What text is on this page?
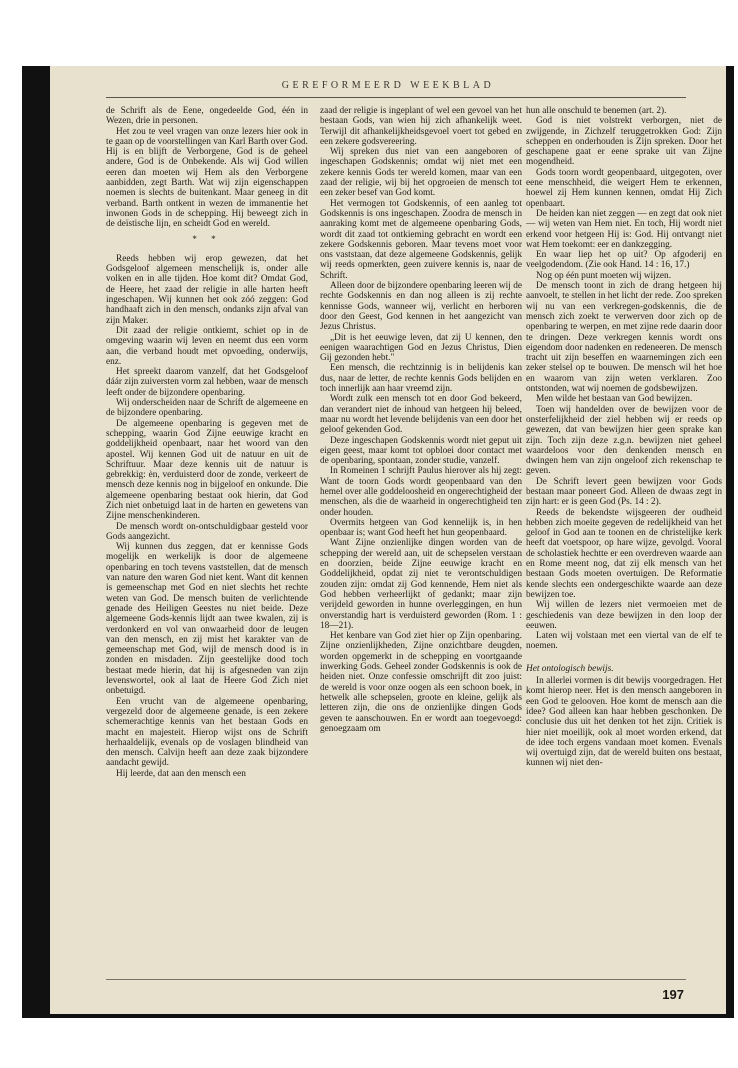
GEREFORMEERD WEEKBLAD

de Schrift als de Eene, ongedeelde God, één in Wezen, drie in personen.

Het zou te veel vragen van onze lezers hier ook in te gaan op de voorstellingen van Karl Barth over God. Hij is en blijft de Verborgene, God is de geheel andere, God is de Onbekende. Als wij God willen eeren dan moeten wij Hem als den Verborgene aanbidden, zegt Barth. Wat wij zijn eigenschappen noemen is slechts de buitenkant. Maar geneeg in dit verband. Barth ontkent in wezen de immanentie het inwonen Gods in de schepping. Hij beweegt zich in de deïstische lijn, en scheidt God en wereld.

* *

Reeds hebben wij erop gewezen, dat het Godsgeloof algemeen menschelijk is, onder alle volken en in alle tijden. Hoe komt dit? Omdat God, de Heere, het zaad der religie in alle harten heeft ingeschapen. Wij kunnen het ook zóó zeggen: God handhaaft zich in den mensch, ondanks zijn afval van zijn Maker.

Dit zaad der religie ontkiemt, schiet op in de omgeving waarin wij leven en neemt dus een vorm aan, die verband houdt met opvoeding, onderwijs, enz.

Het spreekt daarom vanzelf, dat het Godsgeloof dáár zijn zuiversten vorm zal hebben, waar de mensch leeft onder de bijzondere openbaring.

Wij onderscheiden naar de Schrift de algemeene en de bijzondere openbaring.

De algemeene openbaring is gegeven met de schepping, waarin God Zijne eeuwige kracht en goddelijkheid openbaart, naar het woord van den apostel. Wij kennen God uit de natuur en uit de Schriftuur. Maar deze kennis uit de natuur is gebrekkig: èn, verduisterd door de zonde, verkeert de mensch deze kennis nog in bijgeloof en onkunde. Die algemeene openbaring bestaat ook hierin, dat God Zich niet onbetuigd laat in de harten en gewetens van Zijne menschenkinderen.

De mensch wordt on-ontschuldigbaar gesteld voor Gods aangezicht.

Wij kunnen dus zeggen, dat er kennisse Gods mogelijk en werkelijk is door de algemeene openbaring en toch tevens vaststellen, dat de mensch van nature den waren God niet kent. Want dit kennen is gemeenschap met God en niet slechts het rechte weten van God. De mensch buiten de verlichtende genade des Heiligen Geestes nu niet beide. Deze algemeene Gods-kennis lijdt aan twee kwalen, zij is verdonkerd en vol van onwaarheid door de leugen van den mensch, en zij mist het karakter van de gemeenschap met God, wijl de mensch dood is in zonden en misdaden. Zijn geestelijke dood toch bestaat mede hierin, dat hij is afgesneden van zijn levenswortel, ook al laat de Heere God Zich niet onbetuigd.

Een vrucht van de algemeene openbaring, vergezeld door de algemeene genade, is een zekere schemerachtige kennis van het bestaan Gods en macht en majesteit. Hierop wijst ons de Schrift herhaaldelijk, evenals op de voslagen blindheid van den mensch. Calvijn heeft aan deze zaak bijzondere aandacht gewijd.

Hij leerde, dat aan den mensch een

zaad der religie is ingeplant of wel een gevoel van het bestaan Gods, van wien hij zich afhankelijk weet. Terwijl dit afhankelijkheidsgevoel voert tot gebed en een zekere godsvereering.

Wij spreken dus niet van een aangeboren of ingeschapen Godskennis; omdat wij niet met een zekere kennis Gods ter wereld komen, maar van een zaad der religie, wij bij het opgroeien de mensch tot een zeker besef van God komt.

Het vermogen tot Godskennis, of een aanleg tot Godskennis is ons ingeschapen. Zoodra de mensch in aanraking komt met de algemeene openbaring Gods, wordt dit zaad tot ontkieming gebracht en wordt een zekere Godskennis geboren. Maar tevens moet voor ons vaststaan, dat deze algemeene Godskennis, gelijk wij reeds opmerkten, geen zuivere kennis is, naar de Schrift.

Alleen door de bijzondere openbaring leeren wij de rechte Godskennis en dan nog alleen is zij rechte kennisse Gods, wanneer wij, verlicht en herboren door den Geest, God kennen in het aangezicht van Jezus Christus.

„Dit is het eeuwige leven, dat zij U kennen, den eenigen waarachtigen God en Jezus Christus, Dien Gij gezonden hebt."

Een mensch, die rechtzinnig is in belijdenis kan dus, naar de letter, de rechte kennis Gods belijden en toch innerlijk aan haar vreemd zijn.

Wordt zulk een mensch tot en door God bekeerd, dan verandert niet de inhoud van hetgeen hij beleed, maar nu wordt het levende belijdenis van een door het geloof gekenden God.

Deze ingeschapen Godskennis wordt niet geput uit eigen geest, maar komt tot opbloei door contact met de openbaring, spontaan, zonder studie, vanzelf.

In Romeinen 1 schrijft Paulus hierover als hij zegt: Want de toorn Gods wordt geopenbaard van den hemel over alle goddeloosheid en ongerechtigheid der menschen, als die de waarheid in ongerechtigheid ten onder houden.

Overmits hetgeen van God kennelijk is, in hen openbaar is; want God heeft het hun geopenbaard.

Want Zijne onzienlijke dingen worden van de schepping der wereld aan, uit de schepselen verstaan en doorzien, beide Zijne eeuwige kracht en Goddelijkheid, opdat zij niet te verontschuldigen zouden zijn: omdat zij God kennende, Hem niet als God hebben verheerlijkt of gedankt; maar zijn verijdeld geworden in hunne overleggingen, en hun onverstandig hart is verduisterd geworden (Rom. 1 : 18—21).

Het kenbare van God ziet hier op Zijn openbaring. Zijne onzienlijkheden, Zijne onzichtbare deugden, worden opgemerkt in de schepping en voortgaande inwerking Gods. Geheel zonder Godskennis is ook de heiden niet. Onze confessie omschrijft dit zoo juist: de wereld is voor onze oogen als een schoon boek, in hetwelk alle schepselen, groote en kleine, gelijk als letteren zijn, die ons de onzienlijke dingen Gods geven te aanschouwen. En er wordt aan toegevoegd: genoegzaam om

hun alle onschuld te benemen (art. 2).

God is niet volstrekt verborgen, niet de zwijgende, in Zichzelf teruggetrokken God: Zijn scheppen en onderhouden is Zijn spreken. Door het geschapene gaat er eene sprake uit van Zijne mogendheid.

Gods toorn wordt geopenbaard, uitgegoten, over eene menschheid, die weigert Hem te erkennen, hoewel zij Hem kunnen kennen, omdat Hij Zich openbaart.

De heiden kan niet zeggen — en zegt dat ook niet — wij weten van Hem niet. En toch, Hij wordt niet erkend voor hetgeen Hij is: God. Hij ontvangt niet wat Hem toekomt: eer en dankzegging.

En waar liep het op uit? Op afgoderij en veelgodendom. (Zie ook Hand. 14 : 16, 17.)

Nog op één punt moeten wij wijzen.

De mensch toont in zich de drang hetgeen hij aanvoelt, te stellen in het licht der rede. Zoo spreken wij nu van een verkregen-godskennis, die de mensch zich zoekt te verwerven door zich op de openbaring te werpen, en met zijne rede daarin door te dringen. Deze verkregen kennis wordt ons eigendom door nadenken en redeneeren. De mensch tracht uit zijn beseffen en waarnemingen zich een zeker stelsel op te bouwen. De mensch wil het hoe en waarom van zijn weten verklaren. Zoo ontstonden, wat wij noemen de godsbewijzen.

Men wilde het bestaan van God bewijzen.

Toen wij handelden over de bewijzen voor de onsterfelijkheid der ziel hebben wij er reeds op gewezen, dat van bewijzen hier geen sprake kan zijn. Toch zijn deze z.g.n. bewijzen niet geheel waardeloos voor den denkenden mensch en dwingen hem van zijn ongeloof zich rekenschap te geven.

De Schrift levert geen bewijzen voor Gods bestaan maar poneert God. Alleen de dwaas zegt in zijn hart: er is geen God (Ps. 14 : 2).

Reeds de bekendste wijsgeeren der oudheid hebben zich moeite gegeven de redelijkheid van het geloof in God aan te toonen en de christelijke kerk heeft dat voetspoor, op hare wijze, gevolgd. Vooral de scholastiek hechtte er een overdreven waarde aan en Rome meent nog, dat zij elk mensch van het bestaan Gods moeten overtuigen. De Reformatie kende slechts een ondergeschikte waarde aan deze bewijzen toe.

Wij willen de lezers niet vermoeien met de geschiedenis van deze bewijzen in den loop der eeuwen.

Laten wij volstaan met een viertal van de elf te noemen.

Het ontologisch bewijs.

In allerlei vormen is dit bewijs voorgedragen. Het komt hierop neer. Het is den mensch aangeboren in een God te gelooven. Hoe komt de mensch aan die idee? God alleen kan haar hebben geschonken. De conclusie dus uit het denken tot het zijn. Critiek is hier niet moeilijk, ook al moet worden erkend, dat de idee toch ergens vandaan moet komen. Evenals wij overtuigd zijn, dat de wereld buiten ons bestaat, kunnen wij niet den-

197
